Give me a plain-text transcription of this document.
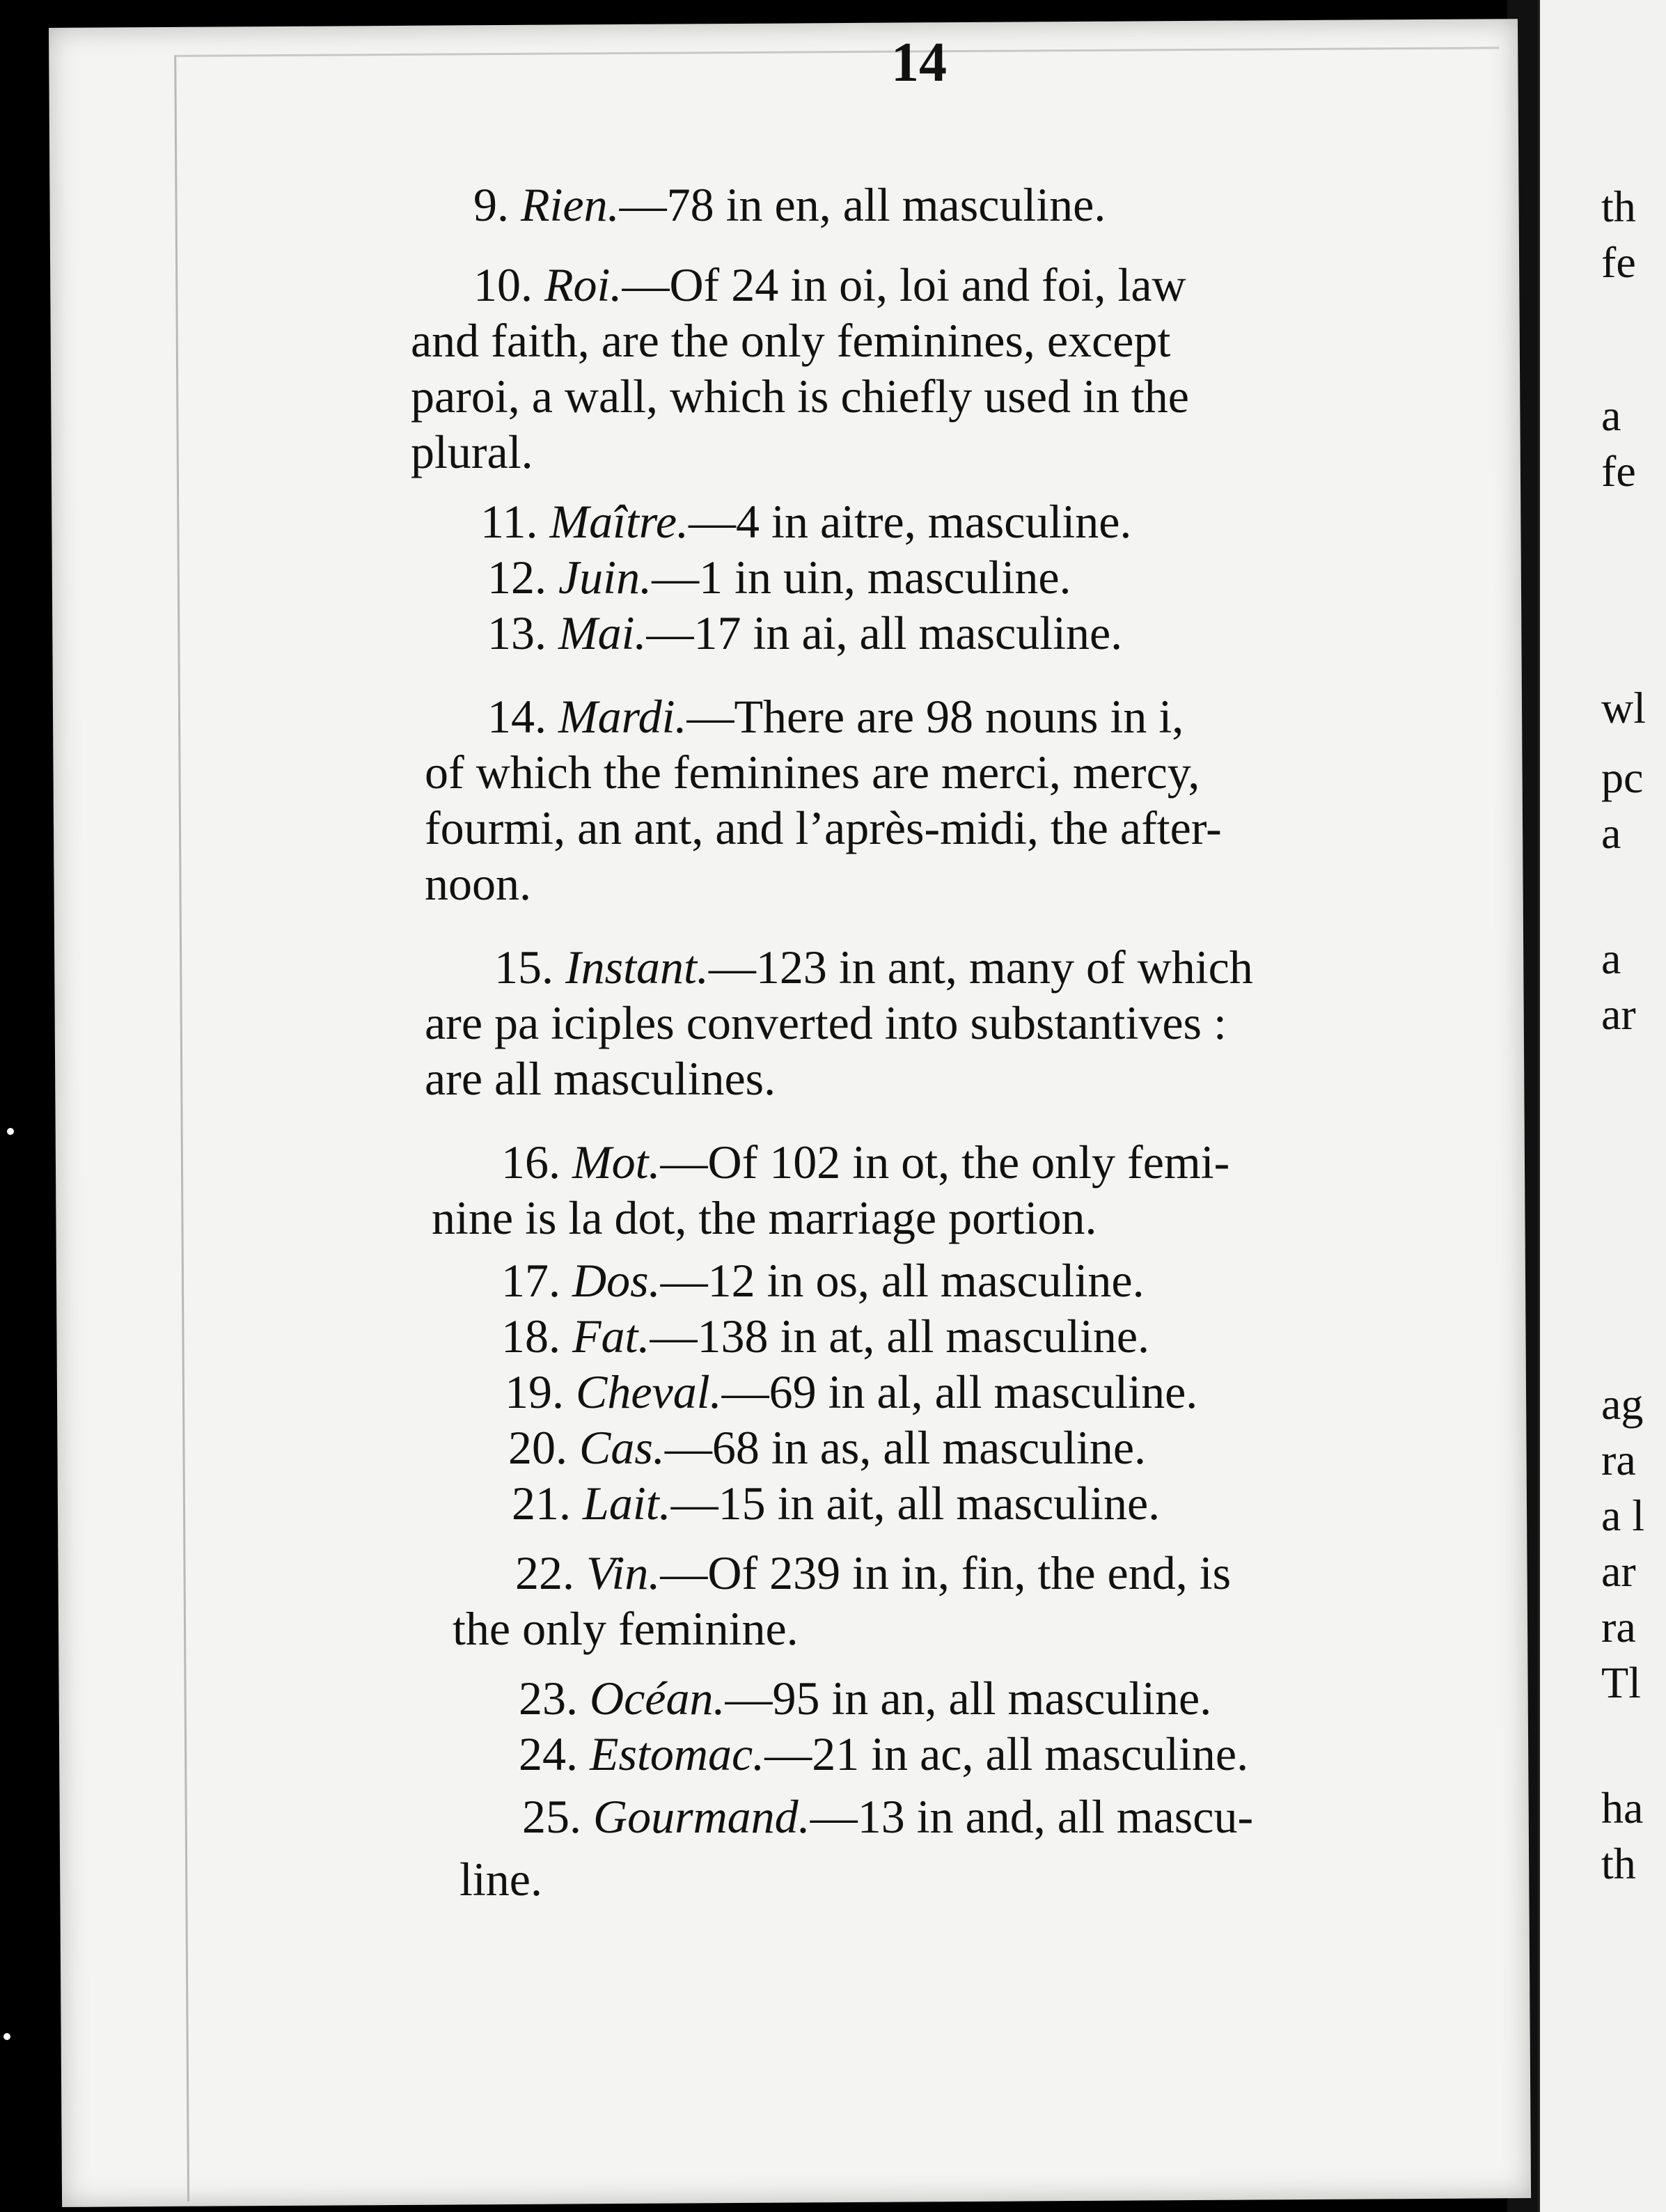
14
9. Rien.—78 in en, all masculine.
10. Roi.—Of 24 in oi, loi and foi, law
and faith, are the only feminines, except
paroi, a wall, which is chiefly used in the
plural.
11. Maître.—4 in aitre, masculine.
12. Juin.—1 in uin, masculine.
13. Mai.—17 in ai, all masculine.
14. Mardi.—There are 98 nouns in i,
of which the feminines are merci, mercy,
fourmi, an ant, and l’après-midi, the after-
noon.
15. Instant.—123 in ant, many of which
are pa iciples converted into substantives :
are all masculines.
16. Mot.—Of 102 in ot, the only femi-
nine is la dot, the marriage portion.
17. Dos.—12 in os, all masculine.
18. Fat.—138 in at, all masculine.
19. Cheval.—69 in al, all masculine.
20. Cas.—68 in as, all masculine.
21. Lait.—15 in ait, all masculine.
22. Vin.—Of 239 in in, fin, the end, is
the only feminine.
23. Océan.—95 in an, all masculine.
24. Estomac.—21 in ac, all masculine.
25. Gourmand.—13 in and, all mascu-
line.
th
fe
a
fe
wl
pc
a
a
ar
ag
ra
a l
ar
ra
Tl
ha
th
